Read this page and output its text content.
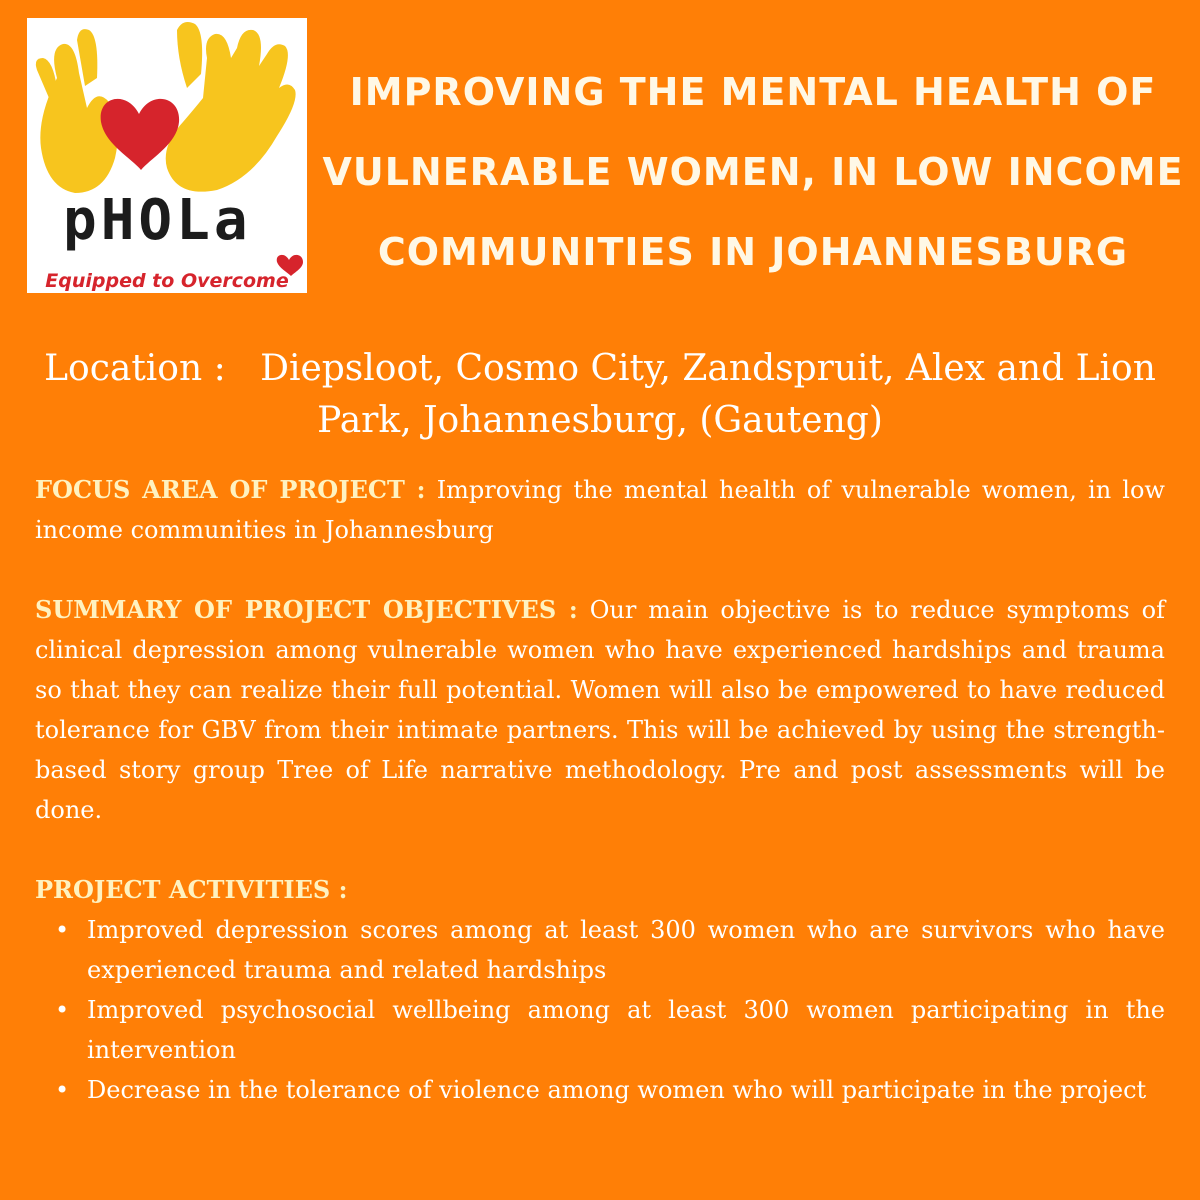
pHOLa
Equipped to Overcome
IMPROVING THE MENTAL HEALTH OF VULNERABLE WOMEN, IN LOW INCOME COMMUNITIES IN JOHANNESBURG
Location : Diepsloot, Cosmo City, Zandspruit, Alex and Lion Park, Johannesburg, (Gauteng)

FOCUS AREA OF PROJECT : Improving the mental health of vulnerable women, in low income communities in Johannesburg

SUMMARY OF PROJECT OBJECTIVES : Our main objective is to reduce symptoms of clinical depression among vulnerable women who have experienced hardships and trauma so that they can realize their full potential. Women will also be empowered to have reduced tolerance for GBV from their intimate partners. This will be achieved by using the strength-based story group Tree of Life narrative methodology. Pre and post assessments will be done.

PROJECT ACTIVITIES :

• Improved depression scores among at least 300 women who are survivors who have experienced trauma and related hardships
• Improved psychosocial wellbeing among at least 300 women participating in the intervention
• Decrease in the tolerance of violence among women who will participate in the project
